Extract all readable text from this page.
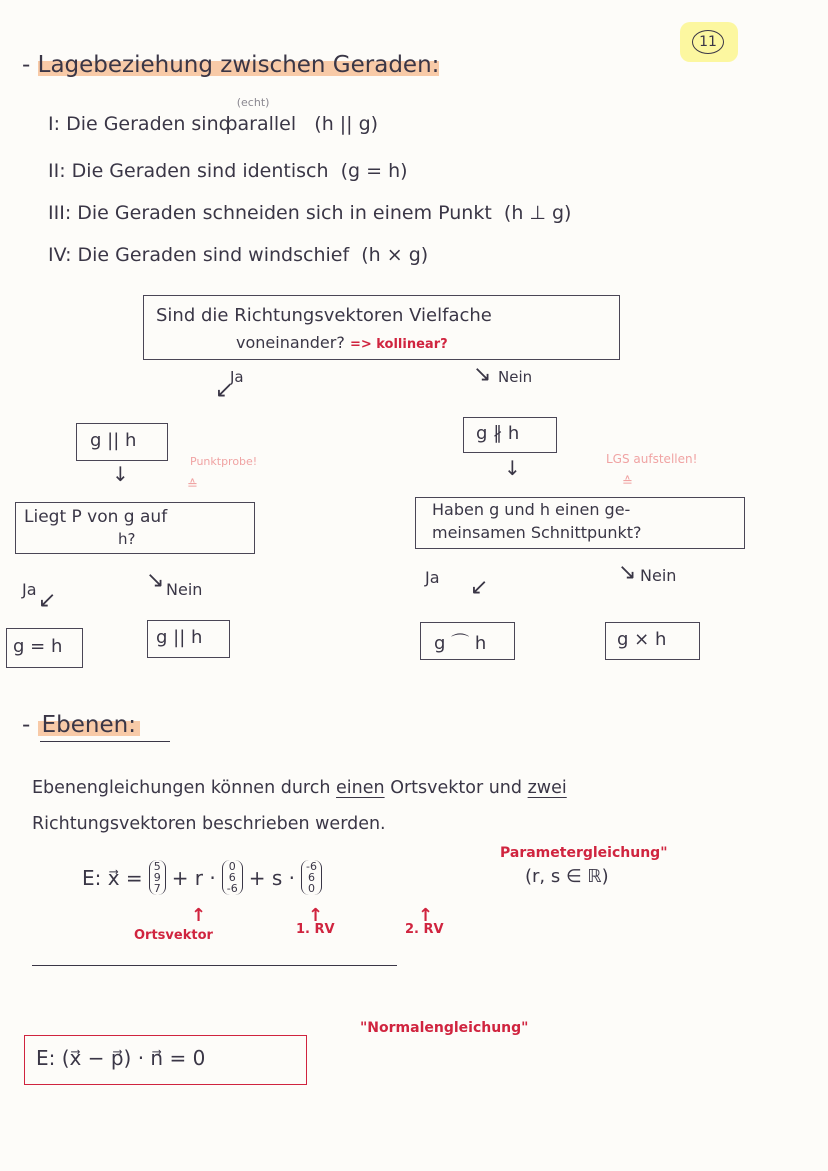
11
- Lagebeziehung zwischen Geraden:
I: Die Geraden sind $^{(echt)}$ parallel (h || g)
II: Die Geraden sind identisch (g = h)
III: Die Geraden schneiden sich in einem Punkt (h ⊥ g)
IV: Die Geraden sind windschief (h ⨯ g)
Sind die Richtungsvektoren Vielfache
voneinander? => kollinear?
Ja
↙
Nein
↘
g || h	g ∦ h
Punktprobe!
≙
LGS aufstellen!
≙
↓	↓
Liegt P von g auf
h?
Haben g und h einen ge-
meinsamen Schnittpunkt?
Ja ↙
↘ Nein
Ja ↙
↘ Nein
g = h	g || h	g ⌒ h	g ⨯ h
- Ebenen:
Ebenengleichungen können durch einen Ortsvektor und zwei
Richtungsvektoren beschrieben werden.
Parametergleichung"
E: x⃗ = 5
9
7 + r · 0
6
-6 + s · -6
6
0
(r, s ∈ ℝ)
↑	↑	↑
Ortsvektor	1. RV	2. RV
"Normalengleichung"
E: (x⃗ − p⃗) · n⃗ = 0
